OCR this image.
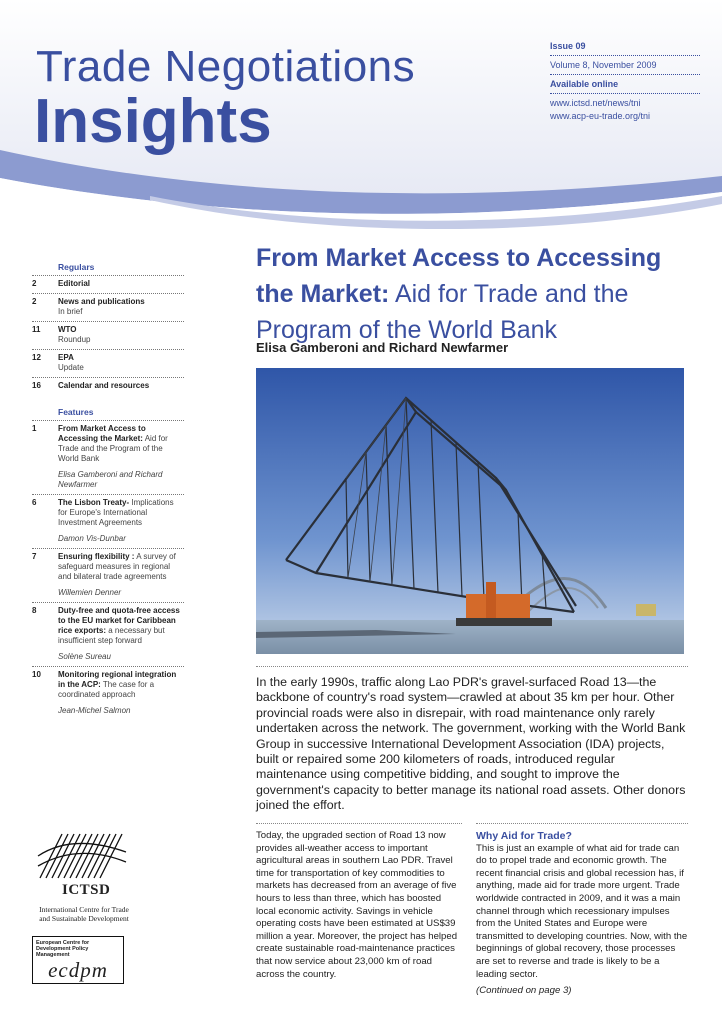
Trade Negotiations
Insights
Issue 09
Volume 8, November 2009
Available online
www.ictsd.net/news/tni
www.acp-eu-trade.org/tni
Regulars
2	Editorial
2	News and publications
In brief
11	WTO
Roundup
12	EPA
Update
16	Calendar and resources
Features
1	From Market Access to Accessing the Market: Aid for Trade and the Program of the World Bank
Elisa Gamberoni and Richard Newfarmer
6	The Lisbon Treaty- Implications for Europe's International Investment Agreements
Damon Vis-Dunbar
7	Ensuring flexibility : A survey of safeguard measures in regional and bilateral trade agreements
Willemien Denner
8	Duty-free and quota-free access to the EU market for Caribbean rice exports: a necessary but insufficient step forward
Solène Sureau
10	Monitoring regional integration in the ACP: The case for a coordinated approach
Jean-Michel Salmon
ICTSD
International Centre for Trade and Sustainable Development
European Centre for Development Policy Management
ecdpm
From Market Access to Accessing the Market: Aid for Trade and the Program of the World Bank
Elisa Gamberoni and Richard Newfarmer
In the early 1990s, traffic along Lao PDR's gravel-surfaced Road 13—the backbone of country's road system—crawled at about 35 km per hour. Other provincial roads were also in disrepair, with road maintenance only rarely undertaken across the network. The government, working with the World Bank Group in successive International Development Association (IDA) projects, built or repaired some 200 kilometers of roads, introduced regular maintenance using competitive bidding, and sought to improve the government's capacity to better manage its national road assets. Other donors joined the effort.
Today, the upgraded section of Road 13 now provides all-weather access to important agricultural areas in southern Lao PDR. Travel time for transportation of key commodities to markets has decreased from an average of five hours to less than three, which has boosted local economic activity. Savings in vehicle operating costs have been estimated at US$39 million a year. Moreover, the project has helped create sustainable road-maintenance practices that now service about 23,000 km of road across the country.
Why Aid for Trade?
This is just an example of what aid for trade can do to propel trade and economic growth. The recent financial crisis and global recession has, if anything, made aid for trade more urgent. Trade worldwide contracted in 2009, and it was a main channel through which recessionary impulses from the United States and Europe were transmitted to developing countries. Now, with the beginnings of global recovery, those processes are set to reverse and trade is likely to be a leading sector.
(Continued on page 3)
